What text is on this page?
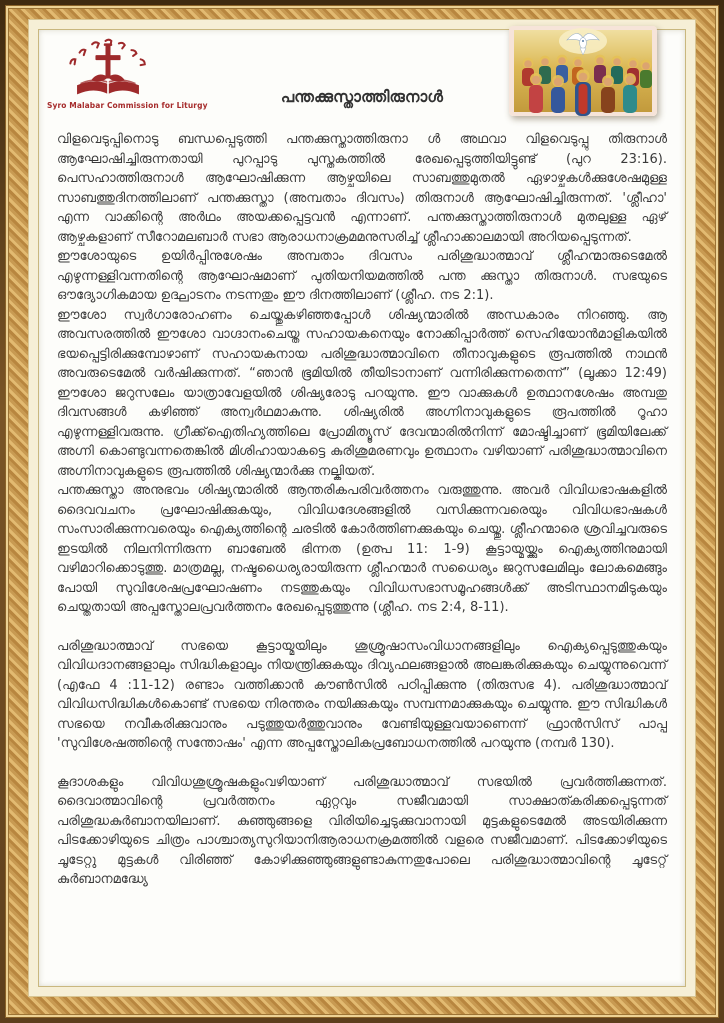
Syro Malabar Commission for Liturgy	പന്തക്കുസ്താത്തിരുനാൾ

വിളവെടുപ്പിനൊടു ബന്ധപ്പെടുത്തി പന്തക്കുസ്താത്തിരുനാ ൾ അഥവാ വിളവെടുപ്പു തിരുനാൾ ആഘോഷിച്ചിരുന്നതായി പുറപ്പാടു പുസ്തകത്തിൽ രേഖപ്പെടുത്തിയിട്ടുണ്ട് (പുറ 23:16). പെസഹാത്തിരുനാൾ ആഘോഷിക്കുന്ന ആഴ്ചയിലെ സാബത്തുമുതൽ ഏഴാഴ്ചകൾക്കുശേഷമുള്ള സാബത്തുദിനത്തിലാണ് പന്തക്കുസ്താ (അമ്പതാം ദിവസം) തിരുനാൾ ആഘോഷിച്ചിരുന്നത്. 'ശ്ലീഹാ' എന്ന വാക്കിന്റെ അർഥം അയക്കപ്പെട്ടവൻ എന്നാണ്. പന്തക്കുസ്താത്തിരുനാൾ മുതലുള്ള ഏഴ് ആഴ്ചകളാണ് സീറോമലബാർ സഭാ ആരാധനാക്രമമനുസരിച്ച് ശ്ലീഹാക്കാലമായി അറിയപ്പെടുന്നത്.

ഈശോയുടെ ഉയിർപ്പിനുശേഷം അമ്പതാം ദിവസം പരിശുദ്ധാത്മാവ് ശ്ലീഹന്മാരുടെമേൽ എഴുന്നള്ളിവന്നതിന്റെ ആഘോഷമാണ് പുതിയനിയമത്തിൽ പന്ത ക്കുസ്താ തിരുനാൾ. സഭയുടെ ഔദ്യോഗികമായ ഉദ്ഘാടനം നടന്നതും ഈ ദിനത്തിലാണ് (ശ്ലീഹ. നട 2:1).

ഈശോ സ്വർഗാരോഹണം ചെയ്തുകഴിഞ്ഞപ്പോൾ ശിഷ്യന്മാരിൽ അന്ധകാരം നിറഞ്ഞു. ആ അവസരത്തിൽ ഈശോ വാഗ്ദാനംചെയ്ത സഹായകനെയും നോക്കിപ്പാർത്ത് സെഹിയോൻമാളികയിൽ ഭയപ്പെട്ടിരിക്കുമ്പോഴാണ് സഹായകനായ പരിശുദ്ധാത്മാവിനെ തീനാവുകളുടെ രൂപത്തിൽ നാഥൻ അവരുടെമേൽ വർഷിക്കുന്നത്. “ഞാൻ ഭൂമിയിൽ തീയിടാനാണ് വന്നിരിക്കുന്നതെന്ന്” (ലൂക്കാ 12:49) ഈശോ ജറുസലേം യാത്രാവേളയിൽ ശിഷ്യരോടു പറയുന്നു. ഈ വാക്കുകൾ ഉത്ഥാനശേഷം അമ്പതു ദിവസങ്ങൾ കഴിഞ്ഞ് അന്വർഥമാകുന്നു. ശിഷ്യരിൽ അഗ്നിനാവുകളുടെ രൂപത്തിൽ റൂഹാ എഴുന്നള്ളിവരുന്നു. ഗ്രീക്ക്ഐതിഹ്യത്തിലെ പ്രോമിത്യൂസ് ദേവന്മാരിൽനിന്ന് മോഷ്ടിച്ചാണ് ഭൂമിയിലേക്ക് അഗ്നി കൊണ്ടുവന്നതെങ്കിൽ മിശിഹായാകട്ടെ കുരിശുമരണവും ഉത്ഥാനം വഴിയാണ് പരിശുദ്ധാത്മാവിനെ അഗ്നിനാവുകളുടെ രൂപത്തിൽ ശിഷ്യന്മാർക്കു നല്കിയത്.

പന്തക്കുസ്താ അനുഭവം ശിഷ്യന്മാരിൽ ആന്തരികപരിവർത്തനം വരുത്തുന്നു. അവർ വിവിധഭാഷകളിൽ ദൈവവചനം പ്രഘോഷിക്കുകയും, വിവിധദേശങ്ങളിൽ വസിക്കുന്നവരെയും വിവിധഭാഷകൾ സംസാരിക്കുന്നവരെയും ഐക്യത്തിന്റെ ചരടിൽ കോർത്തിണക്കുകയും ചെയ്തു. ശ്ലീഹന്മാരെ ശ്രവിച്ചവരുടെ ഇടയിൽ നിലനിന്നിരുന്ന ബാബേൽ ഭിന്നത (ഉത്പ 11: 1-9) കൂട്ടായ്മയ്ക്കും ഐക്യത്തിനുമായി വഴിമാറിക്കൊടുത്തു. മാത്രമല്ല, നഷ്ടധൈര്യരായിരുന്ന ശ്ലീഹന്മാർ സധൈര്യം ജറുസലേമിലും ലോകമെങ്ങും പോയി സുവിശേഷപ്രഘോഷണം നടത്തുകയും വിവിധസഭാസമൂഹങ്ങൾക്ക് അടിസ്ഥാനമിടുകയും ചെയ്തതായി അപ്പസ്തോലപ്രവർത്തനം രേഖപ്പെടുത്തുന്നു (ശ്ലീഹ. നട 2:4, 8-11).

പരിശുദ്ധാത്മാവ് സഭയെ കൂട്ടായ്മയിലും ശുശ്രൂഷാസംവിധാനങ്ങളിലും ഐക്യപ്പെടുത്തുകയും വിവിധദാനങ്ങളാലും സിദ്ധികളാലും നിയന്ത്രിക്കുകയും ദിവ്യഫലങ്ങളാൽ അലങ്കരിക്കുകയും ചെയ്യുന്നുവെന്ന് (എഫേ 4 :11-12) രണ്ടാം വത്തിക്കാൻ കൗൺസിൽ പഠിപ്പിക്കുന്നു (തിരുസഭ 4). പരിശുദ്ധാത്മാവ് വിവിധസിദ്ധികൾകൊണ്ട് സഭയെ നിരന്തരം നയിക്കുകയും സമ്പന്നമാക്കുകയും ചെയ്യുന്നു. ഈ സിദ്ധികൾ സഭയെ നവീകരിക്കുവാനും പടുത്തുയർത്തുവാനും വേണ്ടിയുള്ളവയാണെന്ന് ഫ്രാൻസിസ് പാപ്പ 'സുവിശേഷത്തിന്റെ സന്തോഷം' എന്ന അപ്പസ്തോലികപ്രബോധനത്തിൽ പറയുന്നു (നമ്പർ 130).

കൂദാശകളും വിവിധശുശ്രൂഷകളുംവഴിയാണ് പരിശുദ്ധാത്മാവ് സഭയിൽ പ്രവർത്തിക്കുന്നത്. ദൈവാത്മാവിന്റെ പ്രവർത്തനം ഏറ്റവും സജീവമായി സാക്ഷാത്കരിക്കപ്പെടുന്നത് പരിശുദ്ധകുർബാനയിലാണ്. കുഞ്ഞുങ്ങളെ വിരിയിച്ചെടുക്കുവാനായി മുട്ടകളുടെമേൽ അടയിരിക്കുന്ന പിടക്കോഴിയുടെ ചിത്രം പാശ്ചാത്യസുറിയാനിആരാധനക്രമത്തിൽ വളരെ സജീവമാണ്. പിടക്കോഴിയുടെ ചൂടേറ്റു മുട്ടകൾ വിരിഞ്ഞ് കോഴിക്കുഞ്ഞുങ്ങളുണ്ടാകുന്നതുപോലെ പരിശുദ്ധാത്മാവിന്റെ ചൂടേറ്റ് കുർബാനമദ്ധ്യേ
